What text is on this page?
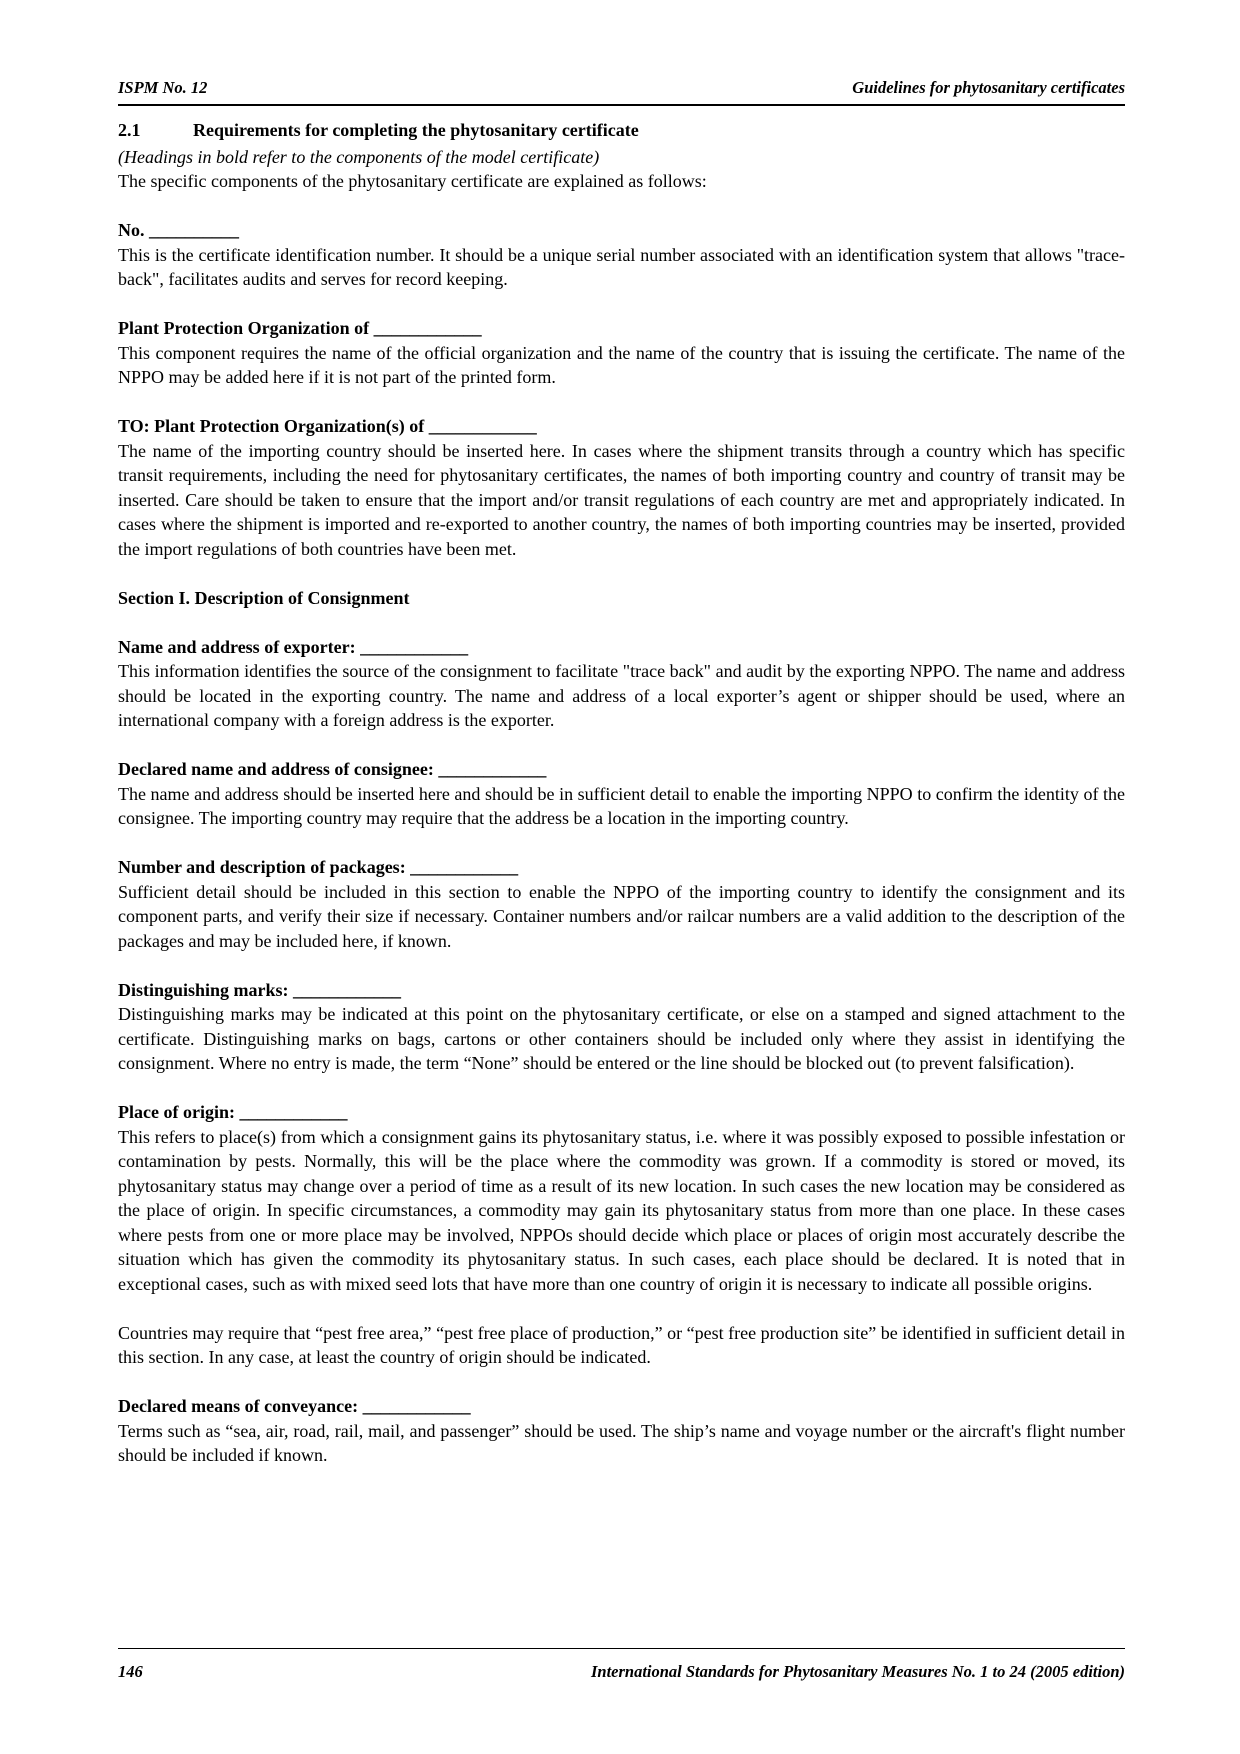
ISPM No. 12	Guidelines for phytosanitary certificates

2.1	Requirements for completing the phytosanitary certificate

(Headings in bold refer to the components of the model certificate)

The specific components of the phytosanitary certificate are explained as follows:

No. __________

This is the certificate identification number. It should be a unique serial number associated with an identification system that allows "trace-back", facilitates audits and serves for record keeping.

Plant Protection Organization of ____________

This component requires the name of the official organization and the name of the country that is issuing the certificate. The name of the NPPO may be added here if it is not part of the printed form.

TO: Plant Protection Organization(s) of ____________

The name of the importing country should be inserted here. In cases where the shipment transits through a country which has specific transit requirements, including the need for phytosanitary certificates, the names of both importing country and country of transit may be inserted. Care should be taken to ensure that the import and/or transit regulations of each country are met and appropriately indicated. In cases where the shipment is imported and re-exported to another country, the names of both importing countries may be inserted, provided the import regulations of both countries have been met.

Section I. Description of Consignment

Name and address of exporter: ____________

This information identifies the source of the consignment to facilitate "trace back" and audit by the exporting NPPO. The name and address should be located in the exporting country. The name and address of a local exporter’s agent or shipper should be used, where an international company with a foreign address is the exporter.

Declared name and address of consignee: ____________

The name and address should be inserted here and should be in sufficient detail to enable the importing NPPO to confirm the identity of the consignee. The importing country may require that the address be a location in the importing country.

Number and description of packages: ____________

Sufficient detail should be included in this section to enable the NPPO of the importing country to identify the consignment and its component parts, and verify their size if necessary. Container numbers and/or railcar numbers are a valid addition to the description of the packages and may be included here, if known.

Distinguishing marks: ____________

Distinguishing marks may be indicated at this point on the phytosanitary certificate, or else on a stamped and signed attachment to the certificate. Distinguishing marks on bags, cartons or other containers should be included only where they assist in identifying the consignment. Where no entry is made, the term “None” should be entered or the line should be blocked out (to prevent falsification).

Place of origin: ____________

This refers to place(s) from which a consignment gains its phytosanitary status, i.e. where it was possibly exposed to possible infestation or contamination by pests. Normally, this will be the place where the commodity was grown. If a commodity is stored or moved, its phytosanitary status may change over a period of time as a result of its new location. In such cases the new location may be considered as the place of origin. In specific circumstances, a commodity may gain its phytosanitary status from more than one place. In these cases where pests from one or more place may be involved, NPPOs should decide which place or places of origin most accurately describe the situation which has given the commodity its phytosanitary status. In such cases, each place should be declared. It is noted that in exceptional cases, such as with mixed seed lots that have more than one country of origin it is necessary to indicate all possible origins.

Countries may require that “pest free area,” “pest free place of production,” or “pest free production site” be identified in sufficient detail in this section. In any case, at least the country of origin should be indicated.

Declared means of conveyance: ____________

Terms such as “sea, air, road, rail, mail, and passenger” should be used. The ship’s name and voyage number or the aircraft's flight number should be included if known.

146	International Standards for Phytosanitary Measures No. 1 to 24 (2005 edition)
